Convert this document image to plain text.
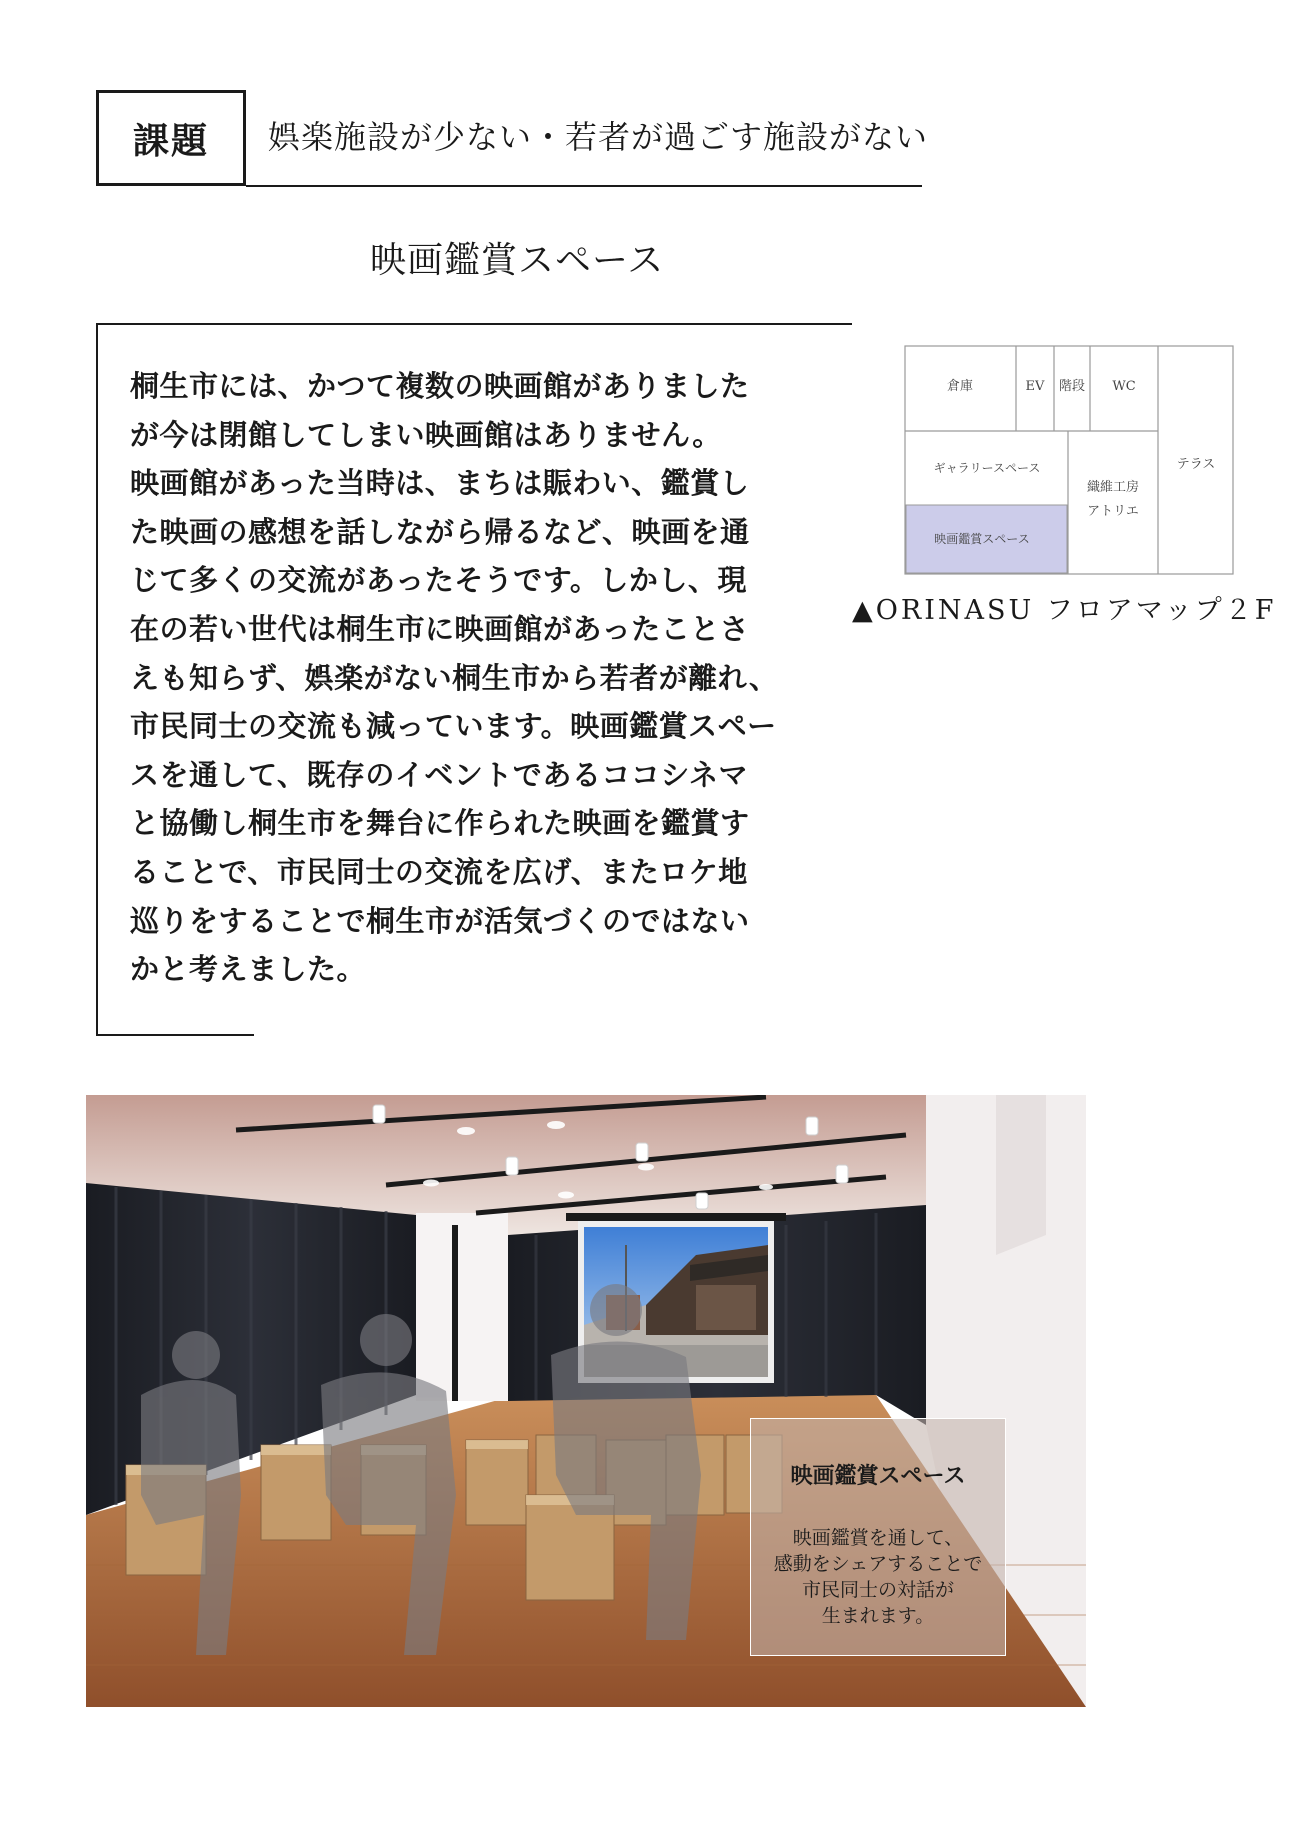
課題 娯楽施設が少ない・若者が過ごす施設がない
映画鑑賞スペース
桐生市には、かつて複数の映画館がありました
が今は閉館してしまい映画館はありません。
映画館があった当時は、まちは賑わい、鑑賞し
た映画の感想を話しながら帰るなど、映画を通
じて多くの交流があったそうです。しかし、現
在の若い世代は桐生市に映画館があったことさ
えも知らず、娯楽がない桐生市から若者が離れ、
市民同士の交流も減っています。映画鑑賞スペー
スを通して、既存のイベントであるココシネマ
と協働し桐生市を舞台に作られた映画を鑑賞す
ることで、市民同士の交流を広げ、またロケ地
巡りをすることで桐生市が活気づくのではない
かと考えました。
倉庫	EV 階段 WC
テラス
ギャラリースペース
織維工房
アトリエ
映画鑑賞スペース
▲ORINASU フロアマップ２F
映画鑑賞スペース
映画鑑賞を通して、
感動をシェアすることで
市民同士の対話が
生まれます。
